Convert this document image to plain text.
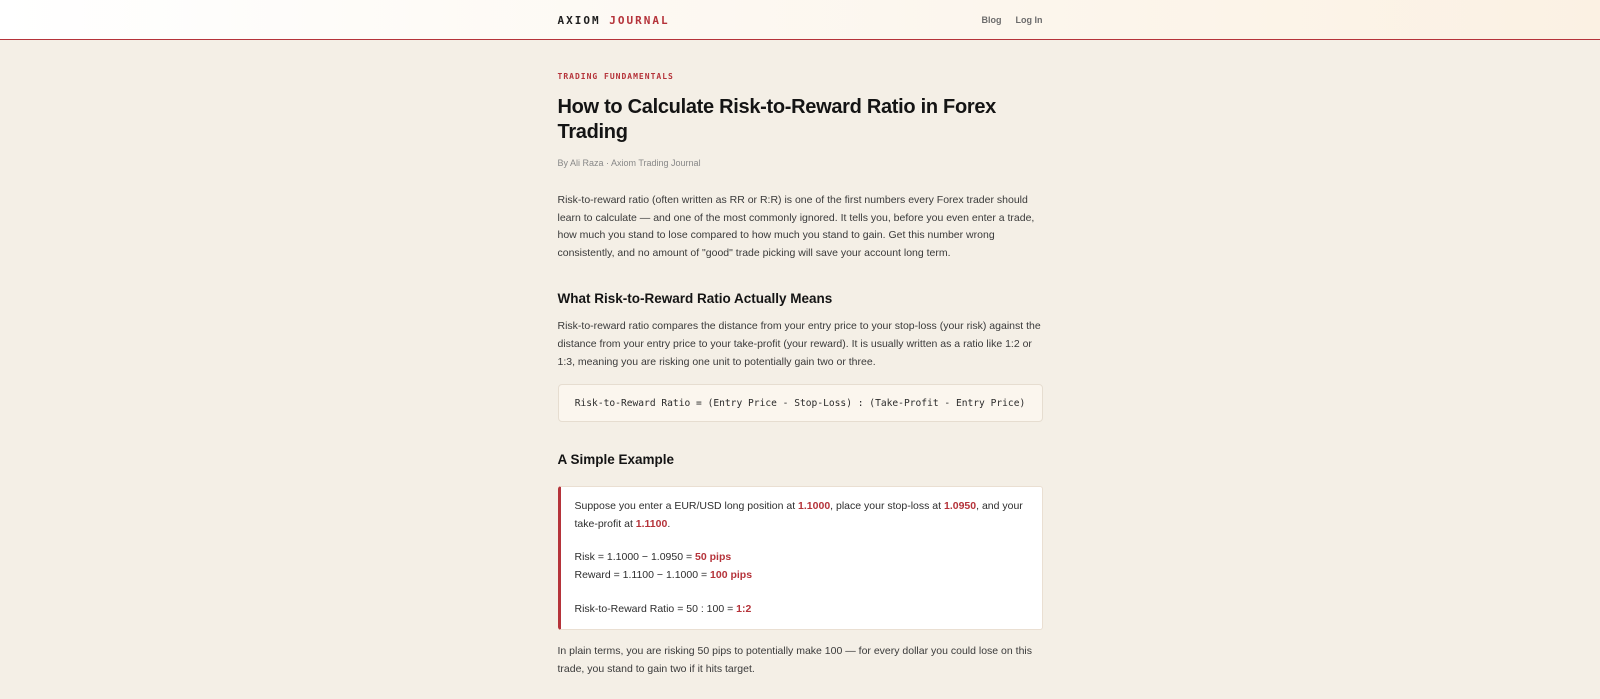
AXIOM JOURNAL	Blog Log In
TRADING FUNDAMENTALS
How to Calculate Risk-to-Reward Ratio in Forex Trading
By Ali Raza · Axiom Trading Journal

Risk-to-reward ratio (often written as RR or R:R) is one of the first numbers every Forex trader should learn to calculate — and one of the most commonly ignored. It tells you, before you even enter a trade, how much you stand to lose compared to how much you stand to gain. Get this number wrong consistently, and no amount of "good" trade picking will save your account long term.

What Risk-to-Reward Ratio Actually Means

Risk-to-reward ratio compares the distance from your entry price to your stop-loss (your risk) against the distance from your entry price to your take-profit (your reward). It is usually written as a ratio like 1:2 or 1:3, meaning you are risking one unit to potentially gain two or three.

Risk-to-Reward Ratio = (Entry Price - Stop-Loss) : (Take-Profit - Entry Price)
A Simple Example

Suppose you enter a EUR/USD long position at 1.1000, place your stop-loss at 1.0950, and your take-profit at 1.1100.

Risk = 1.1000 − 1.0950 = 50 pips

Reward = 1.1100 − 1.1000 = 100 pips

Risk-to-Reward Ratio = 50 : 100 = 1:2

In plain terms, you are risking 50 pips to potentially make 100 — for every dollar you could lose on this trade, you stand to gain two if it hits target.
